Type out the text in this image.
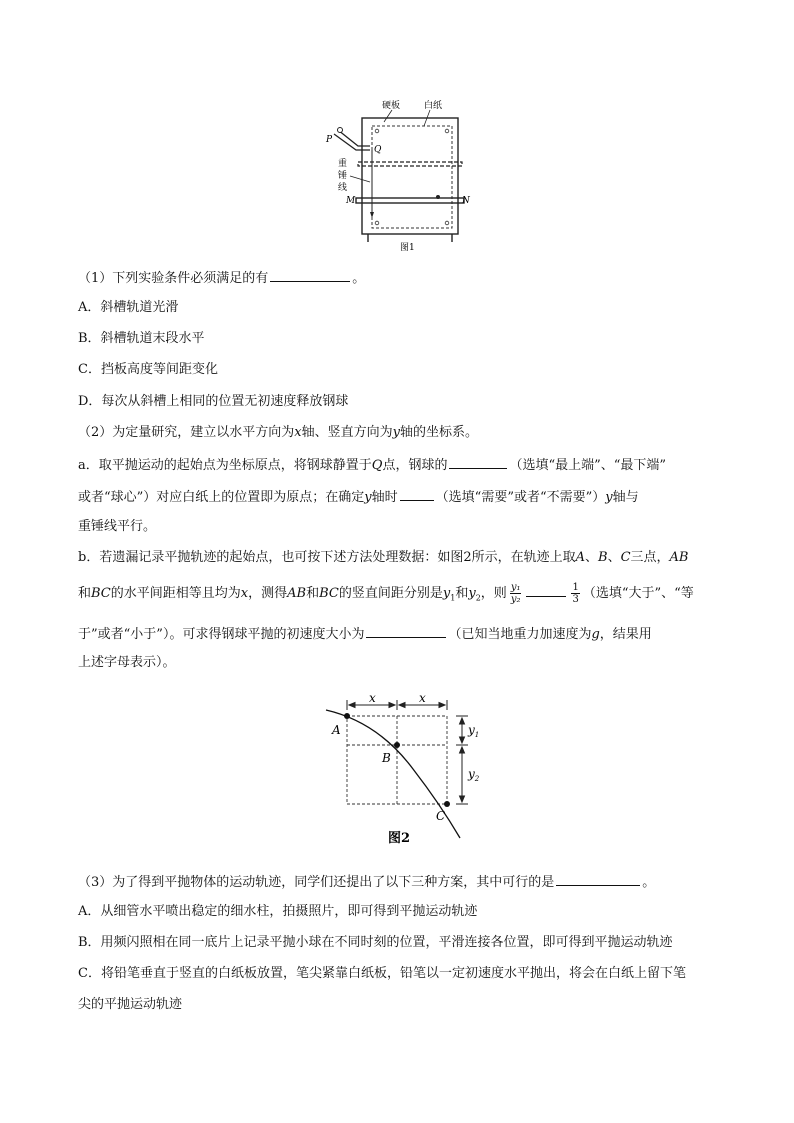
硬板	白纸
P
Q
重
锤
线
M	N
图1
（1）下列实验条件必须满足的有	。
A．斜槽轨道光滑
B．斜槽轨道末段水平
C．挡板高度等间距变化
D．每次从斜槽上相同的位置无初速度释放钢球
（2）为定量研究，建立以水平方向为x轴、竖直方向为y轴的坐标系。
a．取平抛运动的起始点为坐标原点，将钢球静置于Q点，钢球的	（选填“最上端”、“最下端”
或者“球心”）对应白纸上的位置即为原点；在确定y轴时	（选填“需要”或者“不需要”）y轴与
重锤线平行。
b．若遗漏记录平抛轨迹的起始点，也可按下述方法处理数据：如图2所示，在轨迹上取A、B、C三点，AB
和BC的水平间距相等且均为x，测得AB和BC的竖直间距分别是$y_1$和$y_2$，则 $\frac{\text{y₁}}{\text{y₂}}$	$\frac{1}{3}$ （选填“大于”、“等
于”或者“小于”）。可求得钢球平抛的初速度大小为	（已知当地重力加速度为g，结果用
上述字母表示）。
x	x
$y_1$
$y_2$
A
B
C
图2
（3）为了得到平抛物体的运动轨迹，同学们还提出了以下三种方案，其中可行的是	。
A．从细管水平喷出稳定的细水柱，拍摄照片，即可得到平抛运动轨迹
B．用频闪照相在同一底片上记录平抛小球在不同时刻的位置，平滑连接各位置，即可得到平抛运动轨迹
C．将铅笔垂直于竖直的白纸板放置，笔尖紧靠白纸板，铅笔以一定初速度水平抛出，将会在白纸上留下笔
尖的平抛运动轨迹
